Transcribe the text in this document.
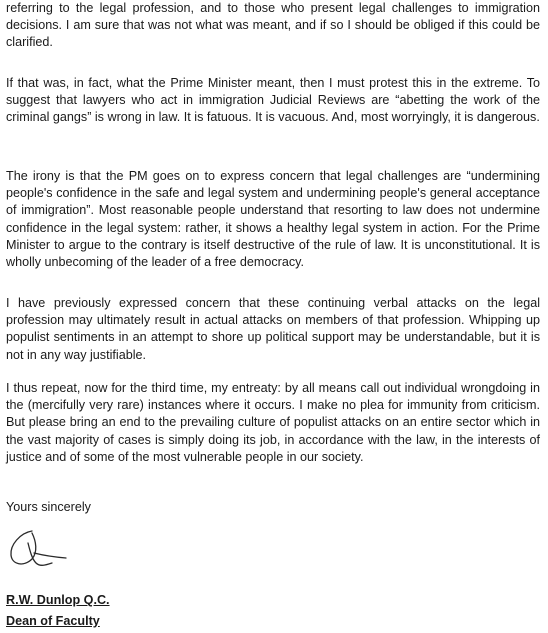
referring to the legal profession, and to those who present legal challenges to immigration decisions. I am sure that was not what was meant, and if so I should be obliged if this could be clarified.

If that was, in fact, what the Prime Minister meant, then I must protest this in the extreme. To suggest that lawyers who act in immigration Judicial Reviews are “abetting the work of the criminal gangs” is wrong in law. It is fatuous. It is vacuous. And, most worryingly, it is dangerous.

The irony is that the PM goes on to express concern that legal challenges are “undermining people's confidence in the safe and legal system and undermining people's general acceptance of immigration”. Most reasonable people understand that resorting to law does not undermine confidence in the legal system: rather, it shows a healthy legal system in action. For the Prime Minister to argue to the contrary is itself destructive of the rule of law. It is unconstitutional. It is wholly unbecoming of the leader of a free democracy.

I have previously expressed concern that these continuing verbal attacks on the legal profession may ultimately result in actual attacks on members of that profession. Whipping up populist sentiments in an attempt to shore up political support may be understandable, but it is not in any way justifiable.

I thus repeat, now for the third time, my entreaty: by all means call out individual wrongdoing in the (mercifully very rare) instances where it occurs. I make no plea for immunity from criticism. But please bring an end to the prevailing culture of populist attacks on an entire sector which in the vast majority of cases is simply doing its job, in accordance with the law, in the interests of justice and of some of the most vulnerable people in our society.

Yours sincerely
R.W. Dunlop Q.C.
Dean of Faculty
